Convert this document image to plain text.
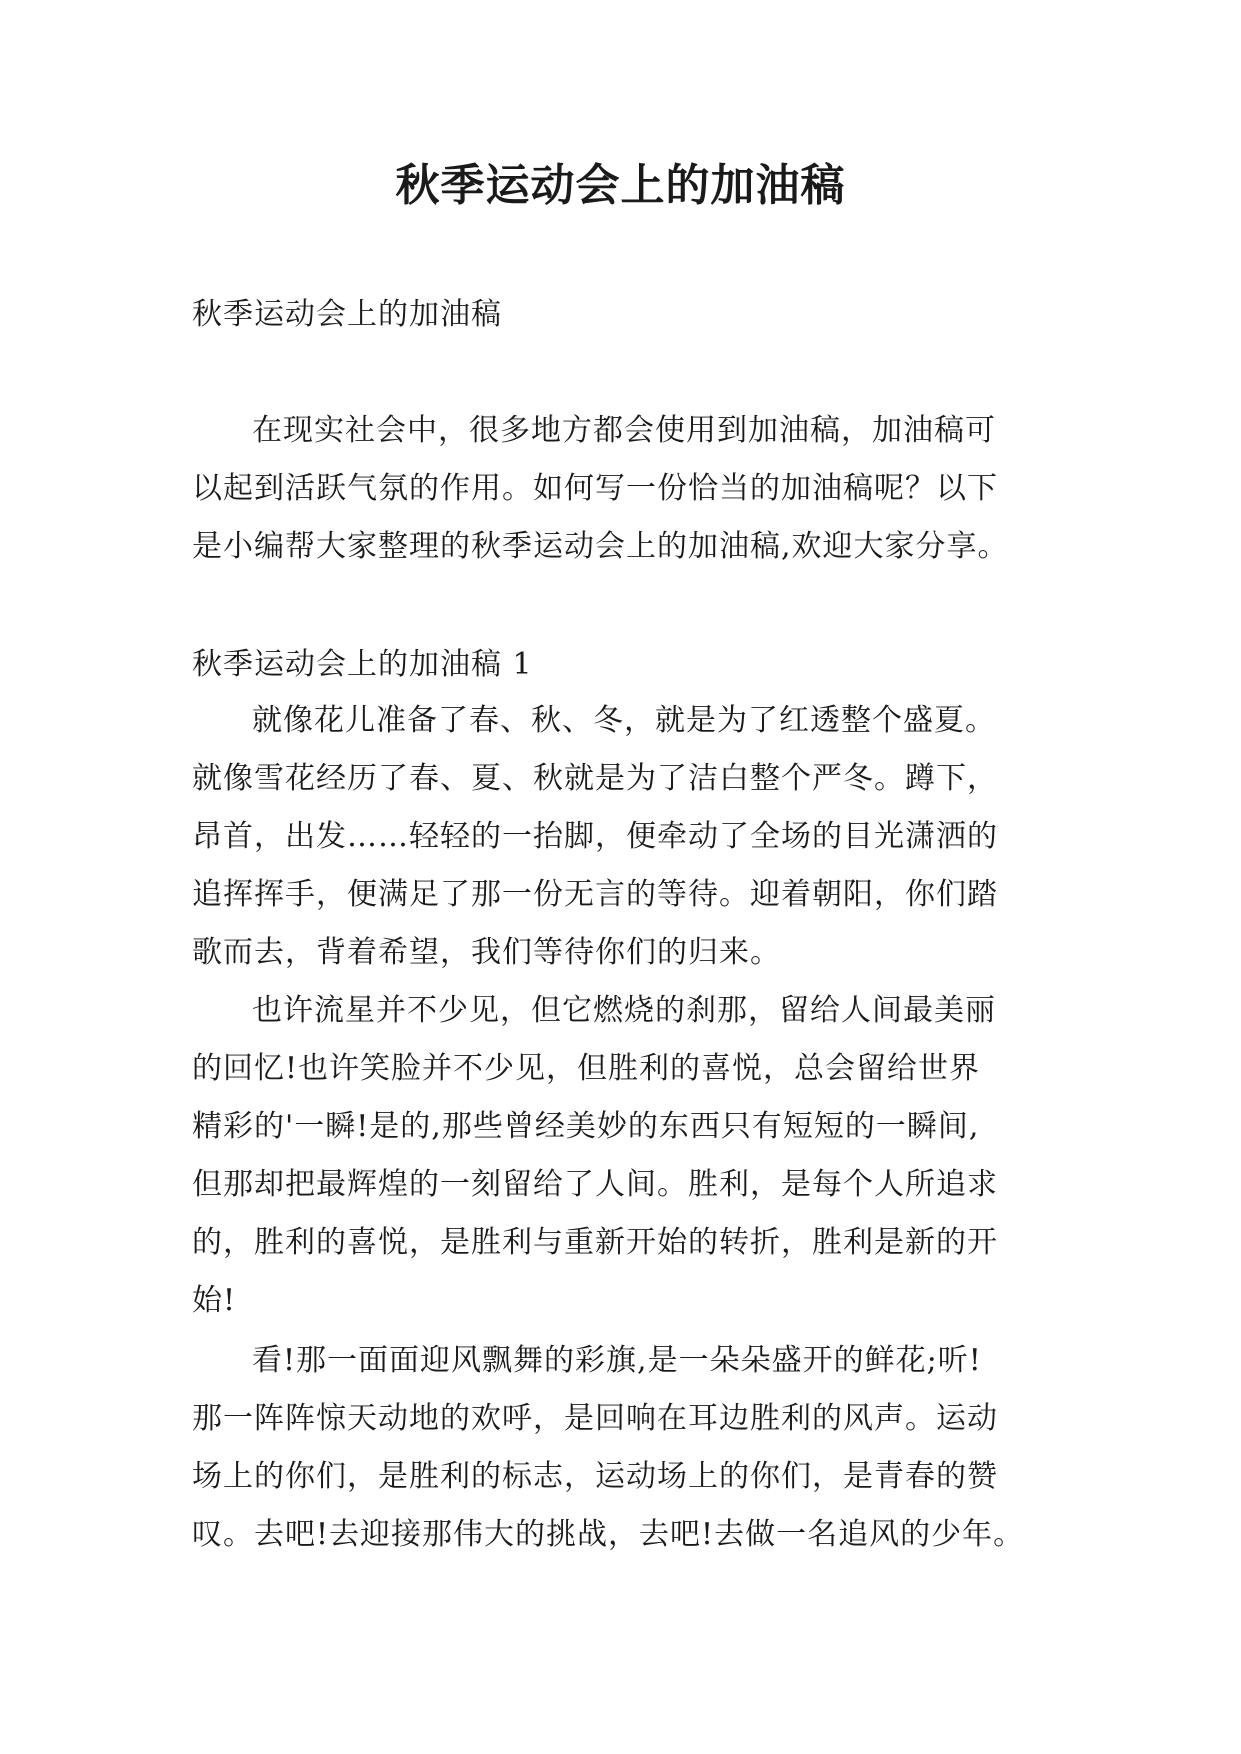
秋季运动会上的加油稿

秋季运动会上的加油稿

在现实社会中，很多地方都会使用到加油稿，加油稿可
以起到活跃气氛的作用。如何写一份恰当的加油稿呢？以下
是小编帮大家整理的秋季运动会上的加油稿,欢迎大家分享。

秋季运动会上的加油稿 1

就像花儿准备了春、秋、冬，就是为了红透整个盛夏。
就像雪花经历了春、夏、秋就是为了洁白整个严冬。蹲下，
昂首，出发……轻轻的一抬脚，便牵动了全场的目光潇洒的
追挥挥手，便满足了那一份无言的等待。迎着朝阳，你们踏
歌而去，背着希望，我们等待你们的归来。
也许流星并不少见，但它燃烧的刹那，留给人间最美丽
的回忆!也许笑脸并不少见，但胜利的喜悦，总会留给世界
精彩的'一瞬!是的,那些曾经美妙的东西只有短短的一瞬间,
但那却把最辉煌的一刻留给了人间。胜利，是每个人所追求
的，胜利的喜悦，是胜利与重新开始的转折，胜利是新的开
始!
看!那一面面迎风飘舞的彩旗,是一朵朵盛开的鲜花;听!
那一阵阵惊天动地的欢呼，是回响在耳边胜利的风声。运动
场上的你们，是胜利的标志，运动场上的你们，是青春的赞
叹。去吧!去迎接那伟大的挑战，去吧!去做一名追风的少年。
